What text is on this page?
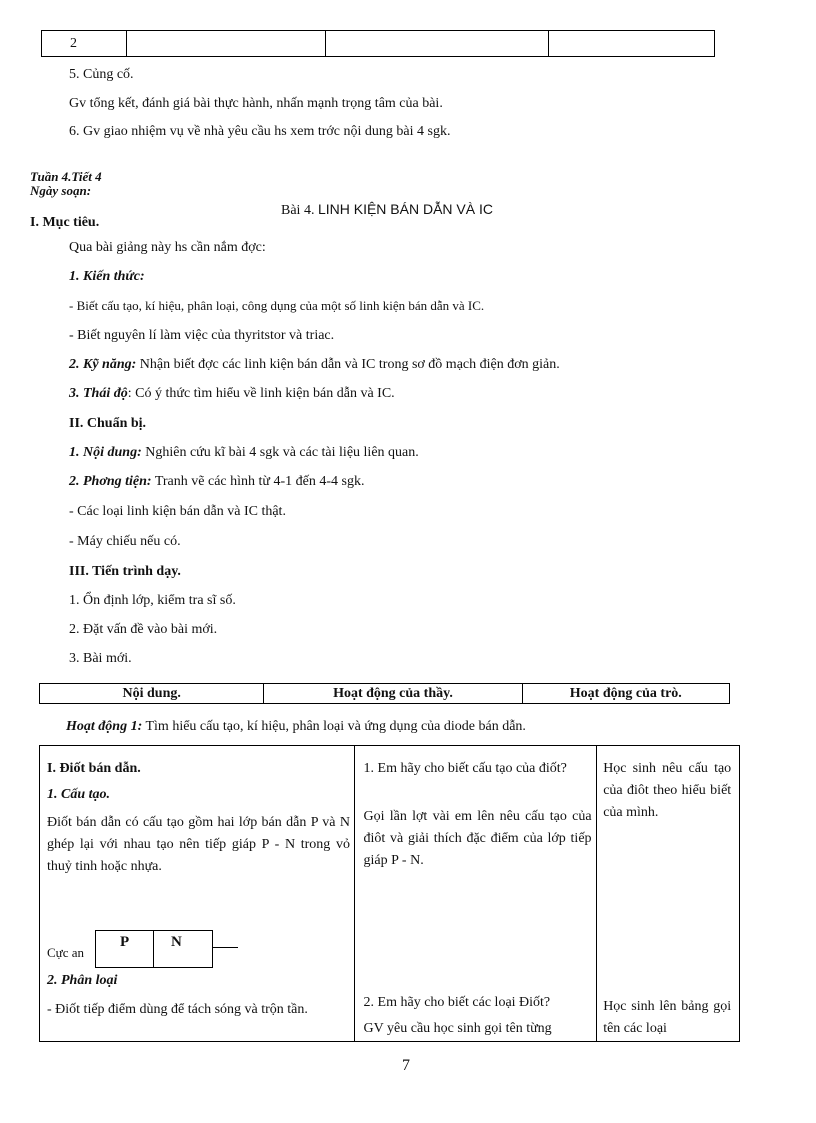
2			
5. Củng cố.
Gv tổng kết, đánh giá bài thực hành, nhấn mạnh trọng tâm của bài.
6. Gv giao nhiệm vụ về nhà yêu cầu hs xem trớc nội dung bài 4 sgk.
Tuần 4.Tiết 4
Ngày soạn:
Bài 4. LINH KIỆN BÁN DẪN VÀ IC
I. Mục tiêu.
Qua bài giảng này hs cần nắm đợc:
1. Kiến thức:
- Biết cấu tạo, kí hiệu, phân loại, công dụng của một số linh kiện bán dẫn và IC.
- Biết nguyên lí làm việc của thyritstor và triac.
2. Kỹ năng: Nhận biết đợc các linh kiện bán dẫn và IC trong sơ đồ mạch điện đơn giản.
3. Thái độ: Có ý thức tìm hiểu về linh kiện bán dẫn và IC.
II. Chuẩn bị.
1. Nội dung: Nghiên cứu kĩ bài 4 sgk và các tài liệu liên quan.
2. Phơng tiện: Tranh vẽ các hình từ 4-1 đến 4-4 sgk.
- Các loại linh kiện bán dẫn và IC thật.
- Máy chiếu nếu có.
III. Tiến trình dạy.
1. Ổn định lớp, kiểm tra sĩ số.
2. Đặt vấn đề vào bài mới.
3. Bài mới.
Nội dung.	Hoạt động của thầy.	Hoạt động của trò.
Hoạt động 1: Tìm hiểu cấu tạo, kí hiệu, phân loại và ứng dụng của diode bán dẫn.
I. Điốt bán dẫn.
1. Cấu tạo.
Điốt bán dẫn có cấu tạo gồm hai lớp bán dẫn P và N ghép lại với nhau tạo nên tiếp giáp P - N trong vỏ thuỷ tinh hoặc nhựa.
Cực an
P	N
2. Phân loại
- Điốt tiếp điểm dùng để tách sóng và trộn tần.

1. Em hãy cho biết cấu tạo của điốt?
Gọi lần lợt vài em lên nêu cấu tạo của điôt và giải thích đặc điểm của lớp tiếp giáp P - N.
2. Em hãy cho biết các loại Điốt?
GV yêu cầu học sinh gọi tên từng

Học sinh nêu cấu tạo của điôt theo hiểu biết của mình.
Học sinh lên bảng gọi tên các loại
7
